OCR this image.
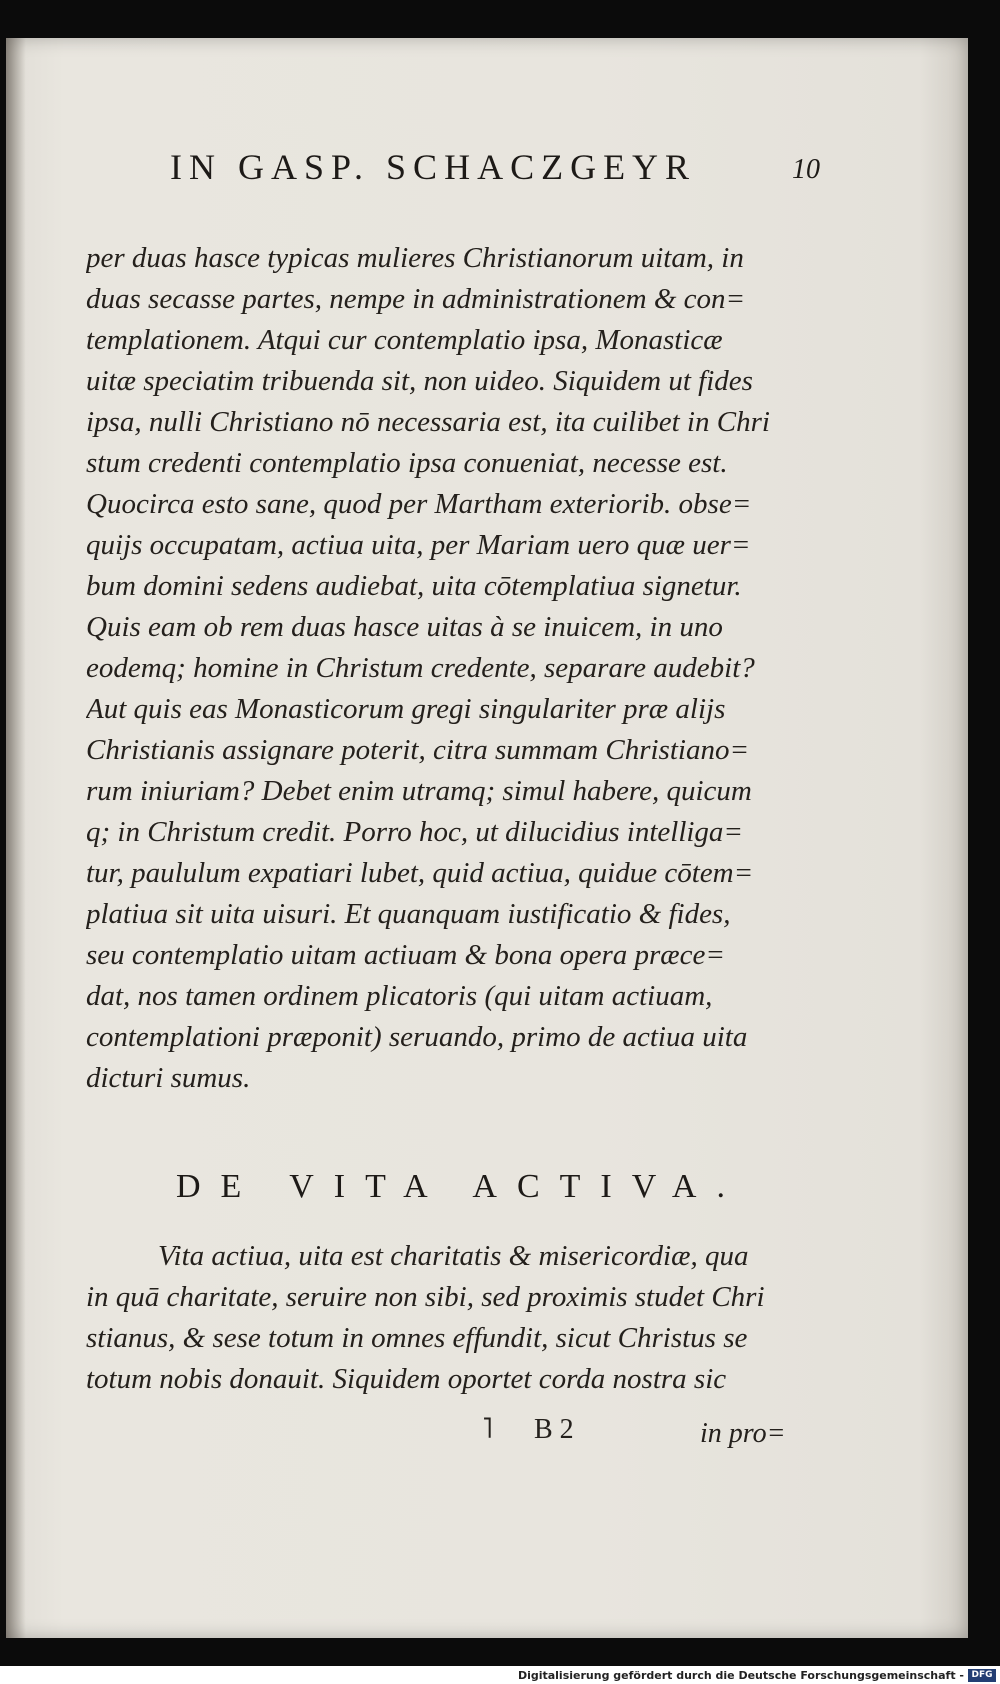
IN GASP. SCHACZGEYR	10
per duas hasce typicas mulieres Christianorum uitam, in
duas secasse partes, nempe in administrationem & con=
templationem. Atqui cur contemplatio ipsa, Monasticæ
uitæ speciatim tribuenda sit, non uideo. Siquidem ut fides
ipsa, nulli Christiano nō necessaria est, ita cuilibet in Chri
stum credenti contemplatio ipsa conueniat, necesse est.
Quocirca esto sane, quod per Martham exteriorib. obse=
quijs occupatam, actiua uita, per Mariam uero quæ uer=
bum domini sedens audiebat, uita cōtemplatiua signetur.
Quis eam ob rem duas hasce uitas à se inuicem, in uno
eodemq; homine in Christum credente, separare audebit?
Aut quis eas Monasticorum gregi singulariter præ alijs
Christianis assignare poterit, citra summam Christiano=
rum iniuriam? Debet enim utramq; simul habere, quicum
q; in Christum credit. Porro hoc, ut dilucidius intelliga=
tur, paululum expatiari lubet, quid actiua, quidue cōtem=
platiua sit uita uisuri. Et quanquam iustificatio & fides,
seu contemplatio uitam actiuam & bona opera præce=
dat, nos tamen ordinem plicatoris (qui uitam actiuam,
contemplationi præponit) seruando, primo de actiua uita
dicturi sumus.
DE VITA ACTIVA.
Vita actiua, uita est charitatis & misericordiæ, qua
in quā charitate, seruire non sibi, sed proximis studet Chri
stianus, & sese totum in omnes effundit, sicut Christus se
totum nobis donauit. Siquidem oportet corda nostra sic
˥ B 2	in pro=
Digitalisierung gefördert durch die Deutsche Forschungsgemeinschaft - DFG
